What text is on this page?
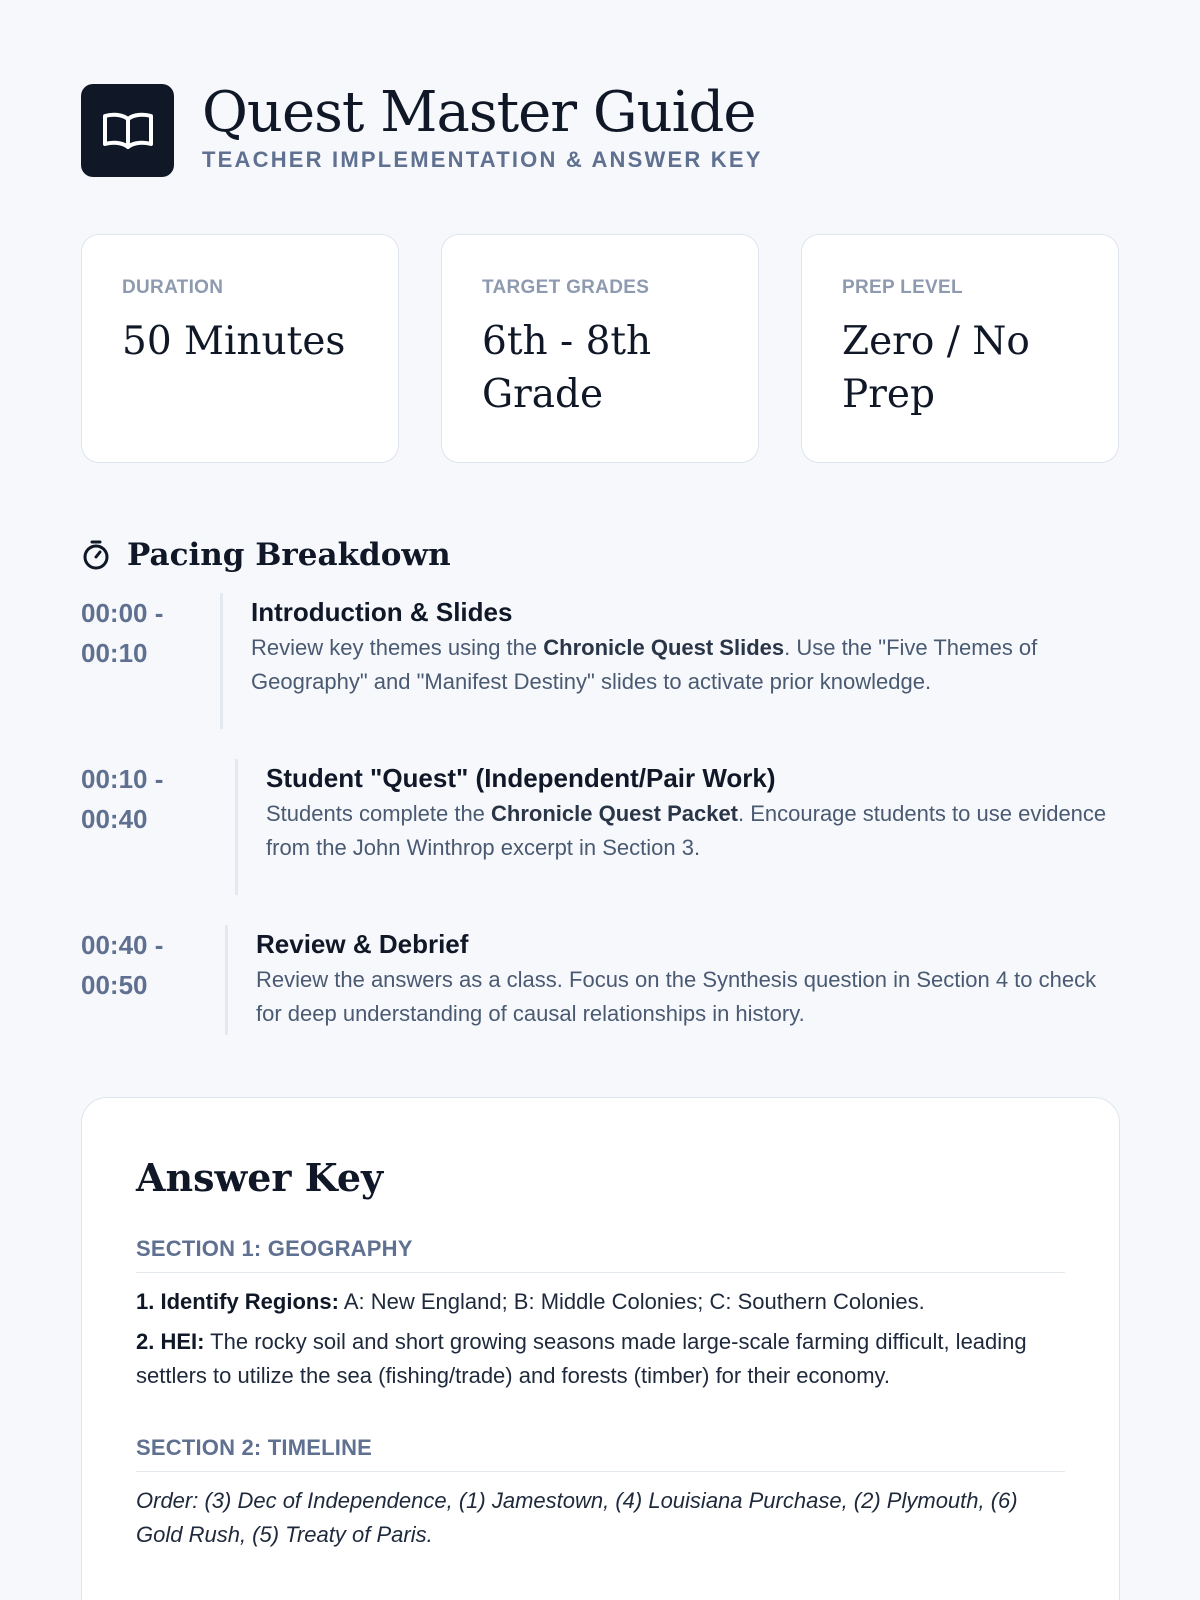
Quest Master Guide
TEACHER IMPLEMENTATION & ANSWER KEY
DURATION
50 Minutes
TARGET GRADES
6th - 8th Grade
PREP LEVEL
Zero / No Prep
Pacing Breakdown
00:00 -
00:10
Introduction & Slides
Review key themes using the Chronicle Quest Slides. Use the "Five Themes of Geography" and "Manifest Destiny" slides to activate prior knowledge.
00:10 -
00:40
Student "Quest" (Independent/Pair Work)
Students complete the Chronicle Quest Packet. Encourage students to use evidence from the John Winthrop excerpt in Section 3.
00:40 -
00:50
Review & Debrief
Review the answers as a class. Focus on the Synthesis question in Section 4 to check for deep understanding of causal relationships in history.
Answer Key
SECTION 1: GEOGRAPHY
1. Identify Regions: A: New England; B: Middle Colonies; C: Southern Colonies.
2. HEI: The rocky soil and short growing seasons made large-scale farming difficult, leading settlers to utilize the sea (fishing/trade) and forests (timber) for their economy.
SECTION 2: TIMELINE
Order: (3) Dec of Independence, (1) Jamestown, (4) Louisiana Purchase, (2) Plymouth, (6) Gold Rush, (5) Treaty of Paris.
